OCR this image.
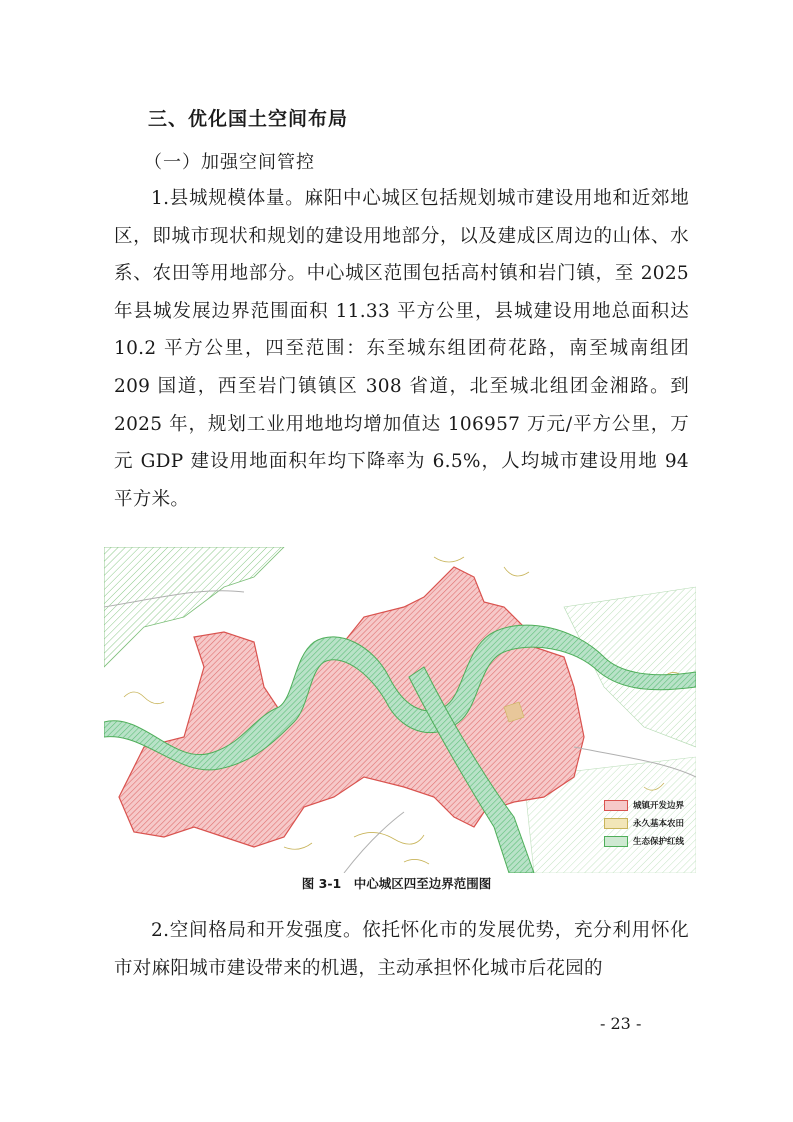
三、优化国土空间布局
（一）加强空间管控
1.县城规模体量。麻阳中心城区包括规划城市建设用地和近郊地区，即城市现状和规划的建设用地部分，以及建成区周边的山体、水系、农田等用地部分。中心城区范围包括高村镇和岩门镇，至 2025 年县城发展边界范围面积 11.33 平方公里，县城建设用地总面积达 10.2 平方公里，四至范围：东至城东组团荷花路，南至城南组团 209 国道，西至岩门镇镇区 308 省道，北至城北组团金湘路。到 2025 年，规划工业用地地均增加值达 106957 万元/平方公里，万元 GDP 建设用地面积年均下降率为 6.5%，人均城市建设用地 94 平方米。
城镇开发边界
永久基本农田
生态保护红线
图 3-1　中心城区四至边界范围图
2.空间格局和开发强度。依托怀化市的发展优势，充分利用怀化市对麻阳城市建设带来的机遇，主动承担怀化城市后花园的
- 23 -
